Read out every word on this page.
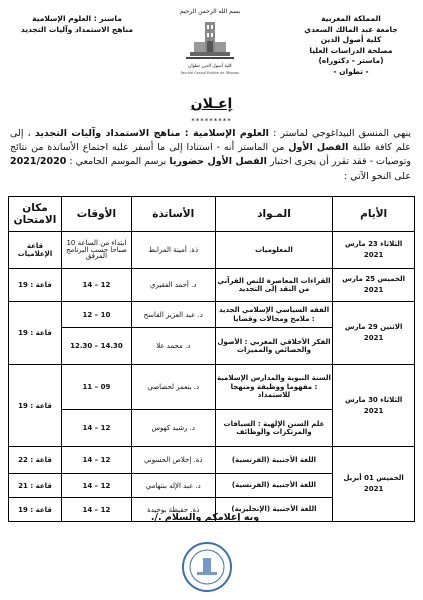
المملكة المغربية
جامعة عبد المالك السعدي
كلية أصول الدين
مصلحة الدراسات العليا
(ماستر - دكتوراه)
- تطوان -
بسم الله الرحمن الرحيم
كلية أصول الدين تطوان
Faculté Ossoul Eddine de Tétouan
ماستر : العلوم الإسلامية
مناهج الاستمداد وآليات التجديد
إعـلان
*********
ينهي المنسق البيداغوجي لماستر : العلوم الإسلامية : مناهج الاستمداد وآليات التجديد ، إلى علم كافة طلبة الفصل الأول من الماستر أنه - استنادا إلى ما أسفر عليه اجتماع الأساتذة من نتائج وتوصيات - فقد تقرر أن يجرى اختبار الفصل الأول حضوريا برسم الموسم الجامعي : 2021/2020 على النحو الآتي :
الأيام	المـواد	الأساتذة	الأوقات	مكان الامتحان
الثلاثاء 23 مارس 2021	المعلوميات	ذة. أمينة المرابط	ابتداء من الساعة 10 صباحا حسب البرنامج المرفق	قاعة الإعلاميات
الخميس 25 مارس 2021	القراءات المعاصرة للنص القرآني من النقد إلى التجديد	د. أحمد الفقيري	12 – 14	قاعة : 19
الاثنين 29 مارس 2021	الفقه السياسي الإسلامي الجديد : ملامح ومجالات وقضايا	د. عبد العزيز القاسح	10 – 12	قاعة : 19
	الفكر الأخلاقي المغربي : الأصول والخصائص والمميزات	د. محمد علا	14.30 – 12.30	
الثلاثاء 30 مارس 2021	السنة النبوية والمدارس الإسلامية : مفهوما ووظيفة ومنهجا للاستمداد	د. بنعمر لحصاصي	09 – 11	قاعة : 19
	علم السنن الإلهية : السياقات والمرتكزات والوظائف	د. رشيد كهوس	12 – 14	
الخميس 01 أبريل 2021	اللغة الأجنبية (الفرنسية)	ذة. إخلاص الحسوني	12 – 14	قاعة : 22
	اللغة الأجنبية (الفرنسية)	د. عبد الإله بنتهامي	12 – 14	قاعة : 21
	اللغة الأجنبية (الإنجليزية)	ذة. حفيظة بوجيدة	12 – 14	قاعة : 19
وبه إعلامكم والسلام ./.
